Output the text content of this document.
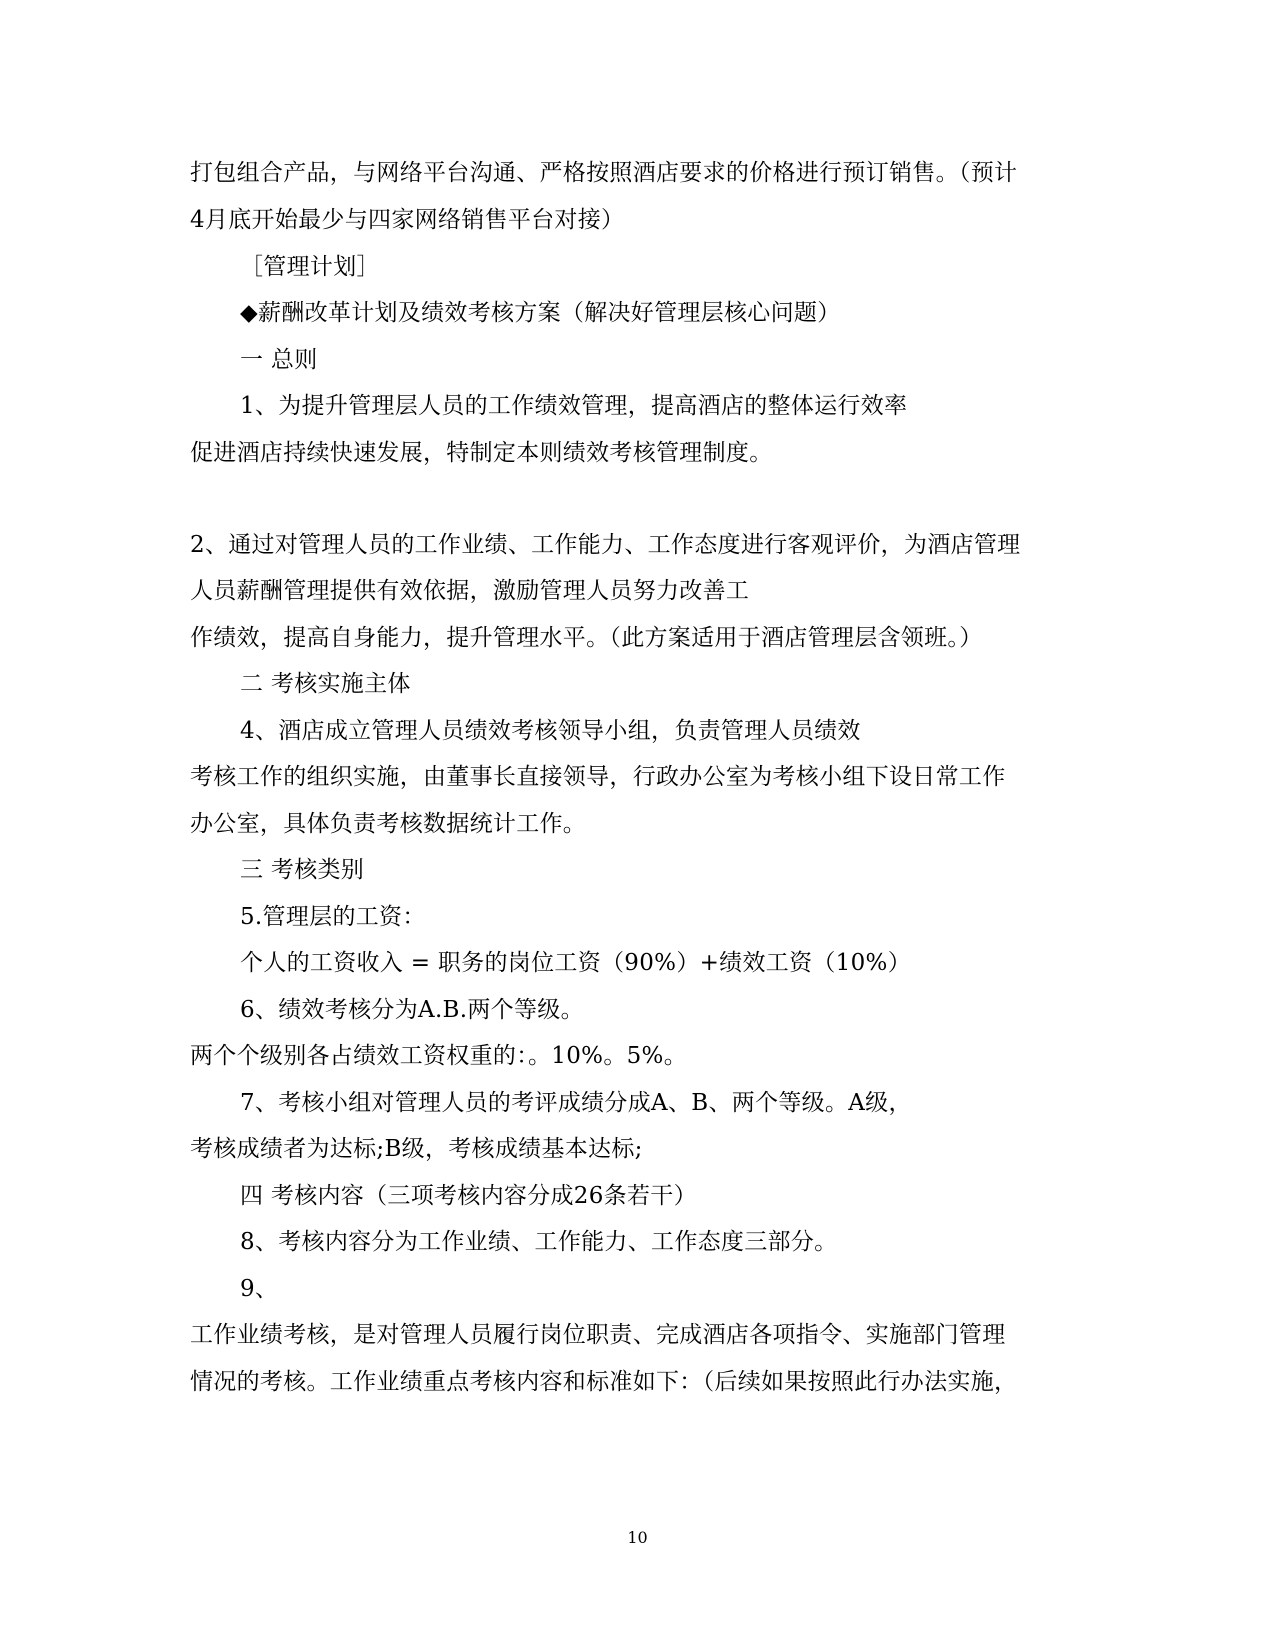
打包组合产品，与网络平台沟通、严格按照酒店要求的价格进行预订销售。（预计
4月底开始最少与四家网络销售平台对接）
［管理计划］
◆薪酬改革计划及绩效考核方案（解决好管理层核心问题）
一 总则
1、为提升管理层人员的工作绩效管理，提高酒店的整体运行效率
促进酒店持续快速发展，特制定本则绩效考核管理制度。
2、通过对管理人员的工作业绩、工作能力、工作态度进行客观评价，为酒店管理
人员薪酬管理提供有效依据，激励管理人员努力改善工
作绩效，提高自身能力，提升管理水平。（此方案适用于酒店管理层含领班。）
二 考核实施主体
4、酒店成立管理人员绩效考核领导小组，负责管理人员绩效
考核工作的组织实施，由董事长直接领导，行政办公室为考核小组下设日常工作
办公室，具体负责考核数据统计工作。
三 考核类别
5.管理层的工资：
个人的工资收入 = 职务的岗位工资（90%）+绩效工资（10%）
6、绩效考核分为A.B.两个等级。
两个个级别各占绩效工资权重的：。10%。5%。
7、考核小组对管理人员的考评成绩分成A、B、两个等级。A级，
考核成绩者为达标;B级，考核成绩基本达标;
四 考核内容（三项考核内容分成26条若干）
8、考核内容分为工作业绩、工作能力、工作态度三部分。
9、
工作业绩考核，是对管理人员履行岗位职责、完成酒店各项指令、实施部门管理
情况的考核。工作业绩重点考核内容和标准如下：（后续如果按照此行办法实施，
10
